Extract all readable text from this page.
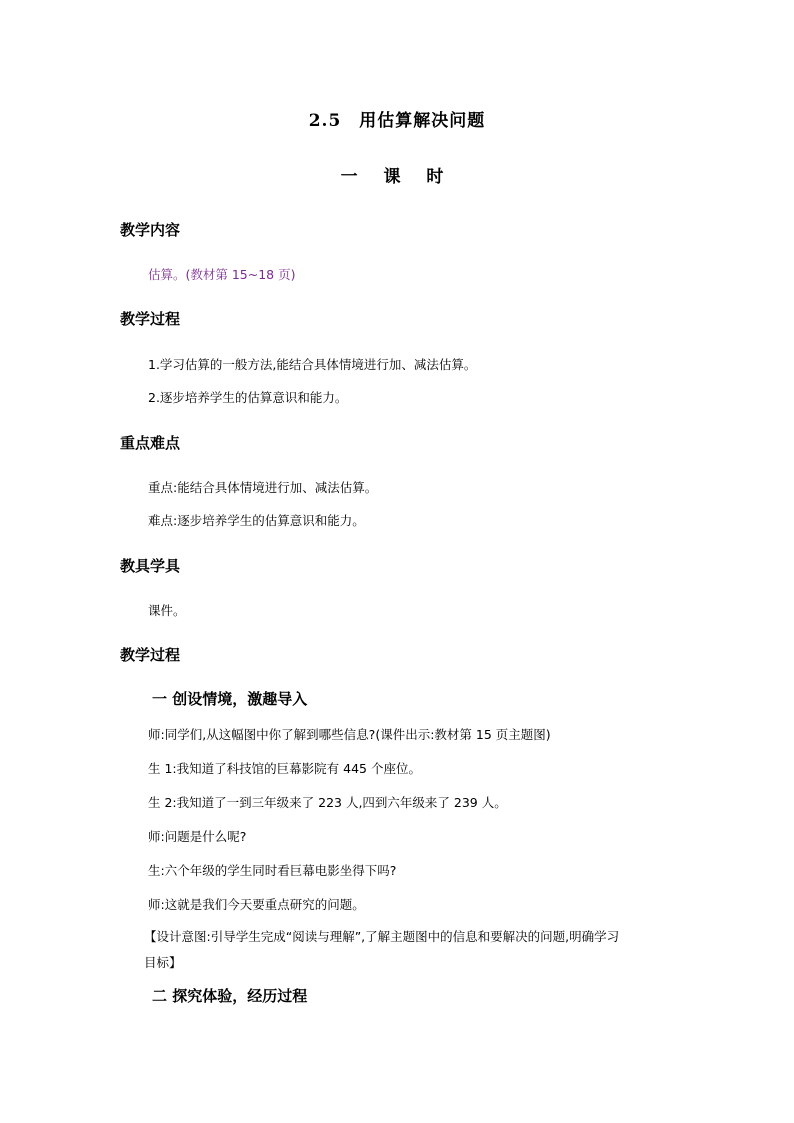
2.5 用估算解决问题
一 课 时
教学内容
估算。(教材第 15~18 页)
教学过程
1.学习估算的一般方法,能结合具体情境进行加、减法估算。
2.逐步培养学生的估算意识和能力。
重点难点
重点:能结合具体情境进行加、减法估算。
难点:逐步培养学生的估算意识和能力。
教具学具
课件。
教学过程
一 创设情境，激趣导入
师:同学们,从这幅图中你了解到哪些信息?(课件出示:教材第 15 页主题图)
生 1:我知道了科技馆的巨幕影院有 445 个座位。
生 2:我知道了一到三年级来了 223 人,四到六年级来了 239 人。
师:问题是什么呢?
生:六个年级的学生同时看巨幕电影坐得下吗?
师:这就是我们今天要重点研究的问题。
【设计意图:引导学生完成“阅读与理解”,了解主题图中的信息和要解决的问题,明确学习目标】
二 探究体验，经历过程
